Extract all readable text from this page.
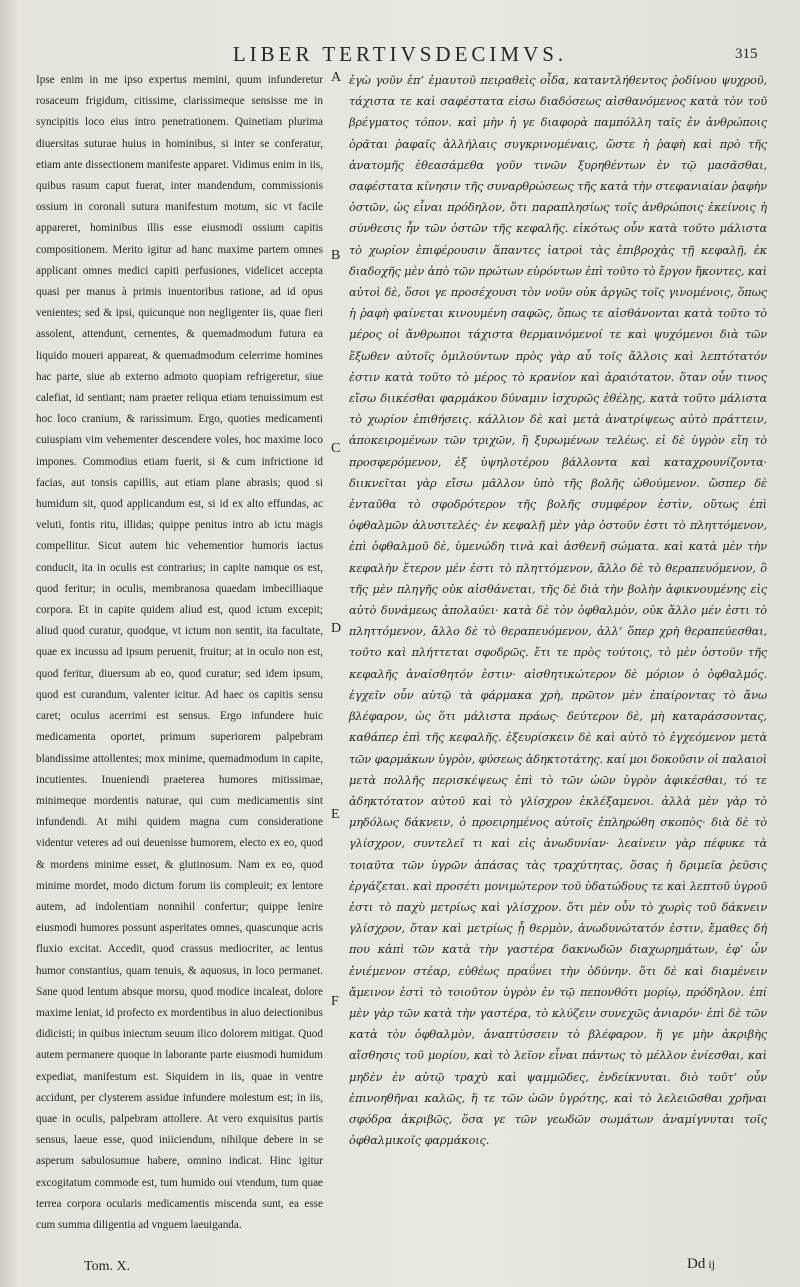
LIBER TERTIVSDECIMVS.	315

Ipse enim in me ipso expertus memini, quum infunderetur rosaceum frigidum, citissime, clarissimeque sensisse me in syncipitis loco eius intro penetrationem. Quinetiam plurima diuersitas suturae huius in hominibus, si inter se conferatur, etiam ante dissectionem manifeste apparet. Vidimus enim in iis, quibus rasum caput fuerat, inter mandendum, commissionis ossium in coronali sutura manifestum motum, sic vt facile appareret, hominibus illis esse eiusmodi ossium capitis compositionem. Merito igitur ad hanc maxime partem omnes applicant omnes medici capiti perfusiones, videlicet accepta quasi per manus à primis inuentoribus ratione, ad id opus venientes; sed & ipsi, quicunque non negligenter iis, quae fieri assolent, attendunt, cernentes, & quemadmodum futura ea liquido moueri appareat, & quemadmodum celerrime homines hac parte, siue ab externo admoto quopiam refrigeretur, siue calefiat, id sentiant; nam praeter reliqua etiam tenuissimum est hoc loco cranium, & rarissimum. Ergo, quoties medicamenti cuiuspiam vim vehementer descendere voles, hoc maxime loco impones. Commodius etiam fuerit, si & cum infrictione id facias, aut tonsis capillis, aut etiam plane abrasis; quod si humidum sit, quod applicandum est, si id ex alto effundas, ac veluti, fontis ritu, illidas; quippe penitus intro ab ictu magis compellitur. Sicut autem hic vehementior humoris iactus conducit, ita in oculis est contrarius; in capite namque os est, quod feritur; in oculis, membranosa quaedam imbecilliaque corpora. Et in capite quidem aliud est, quod ictum excepit; aliud quod curatur, quodque, vt ictum non sentit, ita facultate, quae ex incussu ad ipsum peruenit, fruitur; at in oculo non est, quod feritur, diuersum ab eo, quod curatur; sed idem ipsum, quod est curandum, valenter icitur. Ad haec os capitis sensu caret; oculus acerrimi est sensus. Ergo infundere huic medicamenta oportet, primum superiorem palpebram blandissime attollentes; mox minime, quemadmodum in capite, incutientes. Inueniendi praeterea humores mitissimae, minimeque mordentis naturae, qui cum medicamentis sint infundendi. At mihi quidem magna cum consideratione videntur veteres ad oui deuenisse humorem, electo ex eo, quod & mordens minime esset, & glutinosum. Nam ex eo, quod minime mordet, modo dictum forum iis compleuit; ex lentore autem, ad indolentiam nonnihil confertur; quippe lenire eiusmodi humores possunt asperitates omnes, quascunque acris fluxio excitat. Accedit, quod crassus mediocriter, ac lentus humor constantius, quam tenuis, & aquosus, in loco permanet. Sane quod lentum absque morsu, quod modice incaleat, dolore maxime leniat, id profecto ex mordentibus in aluo deiectionibus didicisti; in quibus iniectum seuum ilico dolorem mitigat. Quod autem permanere quoque in laborante parte eiusmodi humidum expediat, manifestum est. Siquidem in iis, quae in ventre accidunt, per clysterem assidue infundere molestum est; in iis, quae in oculis, palpebram attollere. At vero exquisitus partis sensus, laeue esse, quod iniiciendum, nihilque debere in se asperum sabulosumue habere, omnino indicat. Hinc igitur excogitatum commode est, tum humido oui vtendum, tum quae terrea corpora ocularis medicamentis miscenda sunt, ea esse cum summa diligentia ad vnguem laeuiganda.

A
B
C
D
E
F

ἐγὼ γοῦν ἐπ’ ἐμαυτοῦ πειραθεὶς οἶδα, καταντλήθεντος ῥοδίνου ψυχροῦ, τάχιστα τε καὶ σαφέστατα εἰσω διαδόσεως αἰσθανόμενος κατὰ τὸν τοῦ βρέγματος τόπον. καὶ μὴν ἡ γε διαφορὰ παμπόλλη ταῖς ἐν ἀνθρώποις ὁρᾶται ῥαφαῖς ἀλλήλαις συγκρινομέναις, ὥστε ἡ ῥαφὴ καὶ πρὸ τῆς ἀνατομῆς ἐθεασάμεθα γοῦν τινῶν ξυρηθέντων ἐν τῷ μασᾶσθαι, σαφέστατα κίνησιν τῆς συναρθρώσεως τῆς κατὰ τὴν στεφανιαίαν ῥαφὴν ὀστῶν, ὡς εἶναι πρόδηλον, ὅτι παραπλησίως τοῖς ἀνθρώποις ἐκείνοις ἡ σύνθεσις ἦν τῶν ὀστῶν τῆς κεφαλῆς. εἰκότως οὖν κατὰ τοῦτο μάλιστα τὸ χωρίον ἐπιφέρουσιν ἅπαντες ἰατροὶ τὰς ἐπιβροχὰς τῇ κεφαλῇ, ἐκ διαδοχῆς μὲν ἀπὸ τῶν πρώτων εὑρόντων ἐπὶ τοῦτο τὸ ἔργον ἥκοντες, καὶ αὐτοὶ δὲ, ὅσοι γε προσέχουσι τὸν νοῦν οὐκ ἀργῶς τοῖς γινομένοις, ὅπως ἡ ῥαφὴ φαίνεται κινουμένη σαφῶς, ὅπως τε αἰσθάνονται κατὰ τοῦτο τὸ μέρος οἱ ἄνθρωποι τάχιστα θερμαινόμενοί τε καὶ ψυχόμενοι διὰ τῶν ἔξωθεν αὐτοῖς ὁμιλούντων πρὸς γὰρ αὖ τοῖς ἄλλοις καὶ λεπτότατόν ἐστιν κατὰ τοῦτο τὸ μέρος τὸ κρανίον καὶ ἀραιότατον. ὅταν οὖν τινος εἴσω διικέσθαι φαρμάκου δύναμιν ἰσχυρῶς ἐθέλῃς, κατὰ τοῦτο μάλιστα τὸ χωρίον ἐπιθήσεις. κάλλιον δὲ καὶ μετὰ ἀνατρίψεως αὐτὸ πράττειν, ἀποκειρομένων τῶν τριχῶν, ἢ ξυρωμένων τελέως. εἰ δὲ ὑγρὸν εἴη τὸ προσφερόμενον, ἐξ ὑψηλοτέρου βάλλοντα καὶ καταχρουνίζοντα· διικνεῖται γὰρ εἴσω μᾶλλον ὑπὸ τῆς βολῆς ὠθούμενον. ὥσπερ δὲ ἐνταῦθα τὸ σφοδρότερον τῆς βολῆς συμφέρον ἐστὶν, οὕτως ἐπὶ ὀφθαλμῶν ἀλυσιτελές· ἐν κεφαλῇ μὲν γὰρ ὀστοῦν ἐστι τὸ πληττόμενον, ἐπὶ ὀφθαλμοῦ δὲ, ὑμενώδη τινὰ καὶ ἀσθενῆ σώματα. καὶ κατὰ μὲν τὴν κεφαλὴν ἕτερον μέν ἐστι τὸ πληττόμενον, ἄλλο δὲ τὸ θεραπευόμενον, ὃ τῆς μὲν πληγῆς οὐκ αἰσθάνεται, τῆς δὲ διὰ τὴν βολὴν ἀφικνουμένης εἰς αὐτὸ δυνάμεως ἀπολαύει· κατὰ δὲ τὸν ὀφθαλμὸν, οὐκ ἄλλο μέν ἐστι τὸ πληττόμενον, ἄλλο δὲ τὸ θεραπευόμενον, ἀλλ’ ὅπερ χρὴ θεραπεύεσθαι, τοῦτο καὶ πλήττεται σφοδρῶς. ἔτι τε πρὸς τούτοις, τὸ μὲν ὀστοῦν τῆς κεφαλῆς ἀναίσθητόν ἐστιν· αἰσθητικώτερον δὲ μόριον ὁ ὀφθαλμός. ἐγχεῖν οὖν αὐτῷ τὰ φάρμακα χρὴ, πρῶτον μὲν ἐπαίροντας τὸ ἄνω βλέφαρον, ὡς ὅτι μάλιστα πράως· δεύτερον δὲ, μὴ καταράσσοντας, καθάπερ ἐπὶ τῆς κεφαλῆς. ἐξευρίσκειν δὲ καὶ αὐτὸ τὸ ἐγχεόμενον μετὰ τῶν φαρμάκων ὑγρὸν, φύσεως ἀδηκτοτάτης. καί μοι δοκοῦσιν οἱ παλαιοὶ μετὰ πολλῆς περισκέψεως ἐπὶ τὸ τῶν ὠῶν ὑγρὸν ἀφικέσθαι, τό τε ἀδηκτότατον αὐτοῦ καὶ τὸ γλίσχρον ἐκλέξαμενοι. ἀλλὰ μὲν γὰρ τὸ μηδόλως δάκνειν, ὁ προειρημένος αὐτοῖς ἐπληρώθη σκοπὸς· διὰ δὲ τὸ γλίσχρον, συντελεῖ τι καὶ εἰς ἀνωδυνίαν· λεαίνειν γὰρ πέφυκε τὰ τοιαῦτα τῶν ὑγρῶν ἁπάσας τὰς τραχύτητας, ὅσας ἡ δριμεῖα ῥεῦσις ἐργάζεται. καὶ προσέτι μονιμώτερον τοῦ ὑδατώδους τε καὶ λεπτοῦ ὑγροῦ ἐστι τὸ παχὺ μετρίως καὶ γλίσχρον. ὅτι μὲν οὖν τὸ χωρὶς τοῦ δάκνειν γλίσχρον, ὅταν καὶ μετρίως ᾖ θερμὸν, ἀνωδυνώτατόν ἐστιν, ἔμαθες δή που κἀπὶ τῶν κατὰ τὴν γαστέρα δακνωδῶν διαχωρημάτων, ἐφ’ ὧν ἐνιέμενον στέαρ, εὐθέως πραΰνει τὴν ὀδύνην. ὅτι δὲ καὶ διαμένειν ἄμεινον ἐστὶ τὸ τοιοῦτον ὑγρὸν ἐν τῷ πεπονθότι μορίῳ, πρόδηλον. ἐπί μὲν γὰρ τῶν κατὰ τὴν γαστέρα, τὸ κλύζειν συνεχῶς ἀνιαρόν· ἐπὶ δὲ τῶν κατὰ τὸν ὀφθαλμὸν, ἀναπτύσσειν τὸ βλέφαρον. ἥ γε μὴν ἀκριβὴς αἴσθησις τοῦ μορίου, καὶ τὸ λεῖον εἶναι πάντως τὸ μέλλον ἐνίεσθαι, καὶ μηδὲν ἐν αὑτῷ τραχὺ καὶ ψαμμῶδες, ἐνδείκνυται. διὸ τοῦτ’ οὖν ἐπινοηθῆναι καλῶς, ἥ τε τῶν ὠῶν ὑγρότης, καὶ τὸ λελειῶσθαι χρῆναι σφόδρα ἀκριβῶς, ὅσα γε τῶν γεωδῶν σωμάτων ἀναμίγνυται τοῖς ὀφθαλμικοῖς φαρμάκοις.

Tom. X.	Dd ij
